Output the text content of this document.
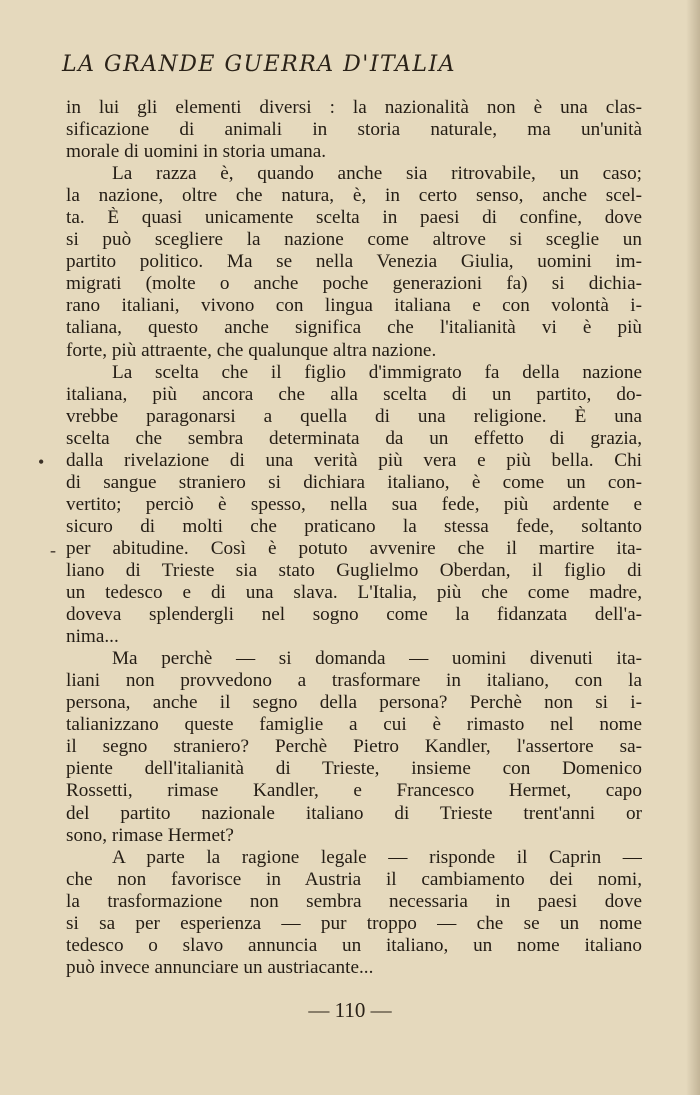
LA GRANDE GUERRA D'ITALIA
in lui gli elementi diversi : la nazionalità non è una clas-
sificazione di animali in storia naturale, ma un'unità
morale di uomini in storia umana.
La razza è, quando anche sia ritrovabile, un caso;
la nazione, oltre che natura, è, in certo senso, anche scel-
ta. È quasi unicamente scelta in paesi di confine, dove
si può scegliere la nazione come altrove si sceglie un
partito politico. Ma se nella Venezia Giulia, uomini im-
migrati (molte o anche poche generazioni fa) si dichia-
rano italiani, vivono con lingua italiana e con volontà i-
taliana, questo anche significa che l'italianità vi è più
forte, più attraente, che qualunque altra nazione.
La scelta che il figlio d'immigrato fa della nazione
italiana, più ancora che alla scelta di un partito, do-
vrebbe paragonarsi a quella di una religione. È una
scelta che sembra determinata da un effetto di grazia,
dalla rivelazione di una verità più vera e più bella. Chi
di sangue straniero si dichiara italiano, è come un con-
vertito; perciò è spesso, nella sua fede, più ardente e
sicuro di molti che praticano la stessa fede, soltanto
per abitudine. Così è potuto avvenire che il martire ita-
liano di Trieste sia stato Guglielmo Oberdan, il figlio di
un tedesco e di una slava. L'Italia, più che come madre,
doveva splendergli nel sogno come la fidanzata dell'a-
nima...
Ma perchè — si domanda — uomini divenuti ita-
liani non provvedono a trasformare in italiano, con la
persona, anche il segno della persona? Perchè non si i-
talianizzano queste famiglie a cui è rimasto nel nome
il segno straniero? Perchè Pietro Kandler, l'assertore sa-
piente dell'italianità di Trieste, insieme con Domenico
Rossetti, rimase Kandler, e Francesco Hermet, capo
del partito nazionale italiano di Trieste trent'anni or
sono, rimase Hermet?
A parte la ragione legale — risponde il Caprin —
che non favorisce in Austria il cambiamento dei nomi,
la trasformazione non sembra necessaria in paesi dove
si sa per esperienza — pur troppo — che se un nome
tedesco o slavo annuncia un italiano, un nome italiano
può invece annunciare un austriacante...
•
-
— 110 —
